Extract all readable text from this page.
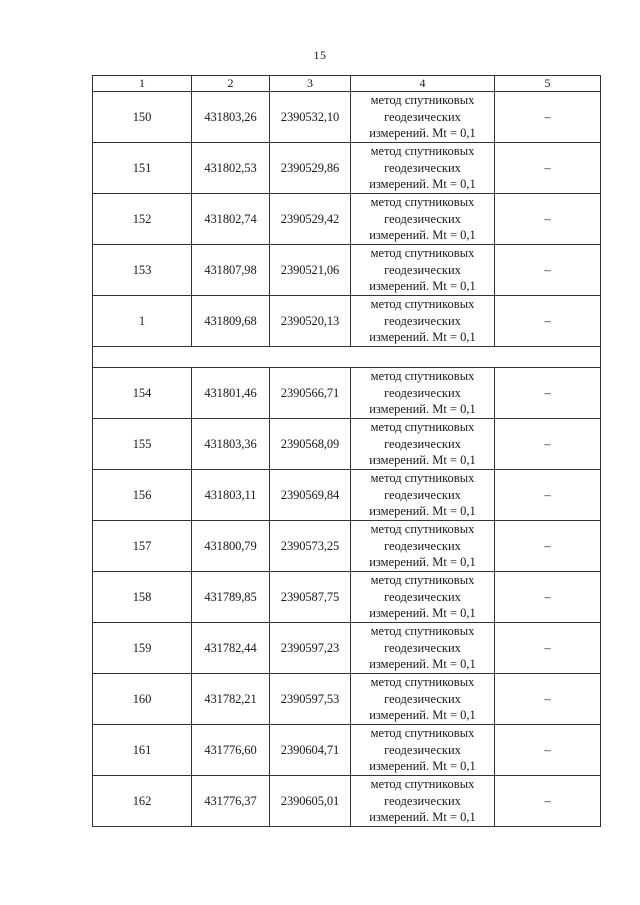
15
1	2	3	4	5
150	431803,26	2390532,10	метод спутниковых
геодезических
измерений. Mt = 0,1	–
151	431802,53	2390529,86	метод спутниковых
геодезических
измерений. Mt = 0,1	–
152	431802,74	2390529,42	метод спутниковых
геодезических
измерений. Mt = 0,1	–
153	431807,98	2390521,06	метод спутниковых
геодезических
измерений. Mt = 0,1	–
1	431809,68	2390520,13	метод спутниковых
геодезических
измерений. Mt = 0,1	–

154	431801,46	2390566,71	метод спутниковых
геодезических
измерений. Mt = 0,1	–
155	431803,36	2390568,09	метод спутниковых
геодезических
измерений. Mt = 0,1	–
156	431803,11	2390569,84	метод спутниковых
геодезических
измерений. Mt = 0,1	–
157	431800,79	2390573,25	метод спутниковых
геодезических
измерений. Mt = 0,1	–
158	431789,85	2390587,75	метод спутниковых
геодезических
измерений. Mt = 0,1	–
159	431782,44	2390597,23	метод спутниковых
геодезических
измерений. Mt = 0,1	–
160	431782,21	2390597,53	метод спутниковых
геодезических
измерений. Mt = 0,1	–
161	431776,60	2390604,71	метод спутниковых
геодезических
измерений. Mt = 0,1	–
162	431776,37	2390605,01	метод спутниковых
геодезических
измерений. Mt = 0,1	–
